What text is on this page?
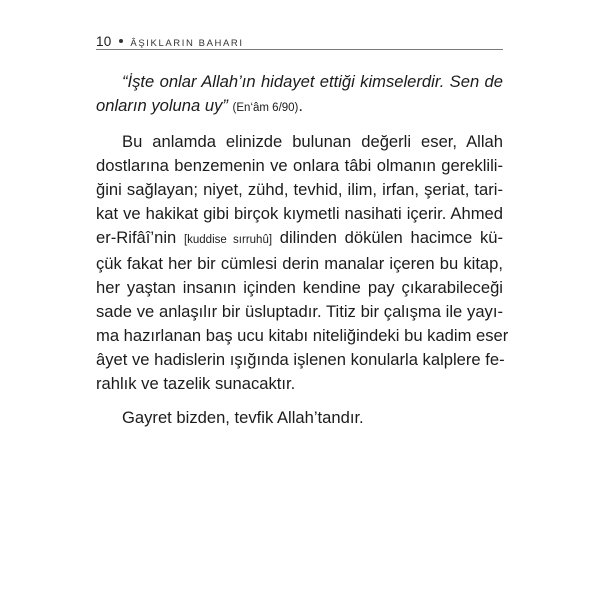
10 ÂŞIKLARIN BAHARI
“İşte onlar Allah’ın hidayet ettiği kimselerdir. Sen de
onların yoluna uy” (En‘âm 6/90).
Bu anlamda elinizde bulunan değerli eser, Allah
dostlarına benzemenin ve onlara tâbi olmanın gereklili-
ğini sağlayan; niyet, zühd, tevhid, ilim, irfan, şeriat, tari-
kat ve hakikat gibi birçok kıymetli nasihati içerir. Ahmed
er-Rifâî’nin [kuddise sırruhû] dilinden dökülen hacimce kü-
çük fakat her bir cümlesi derin manalar içeren bu kitap,
her yaştan insanın içinden kendine pay çıkarabileceği
sade ve anlaşılır bir üsluptadır. Titiz bir çalışma ile yayı-
ma hazırlanan baş ucu kitabı niteliğindeki bu kadim eser
âyet ve hadislerin ışığında işlenen konularla kalplere fe-
rahlık ve tazelik sunacaktır.
Gayret bizden, tevfik Allah’tandır.
